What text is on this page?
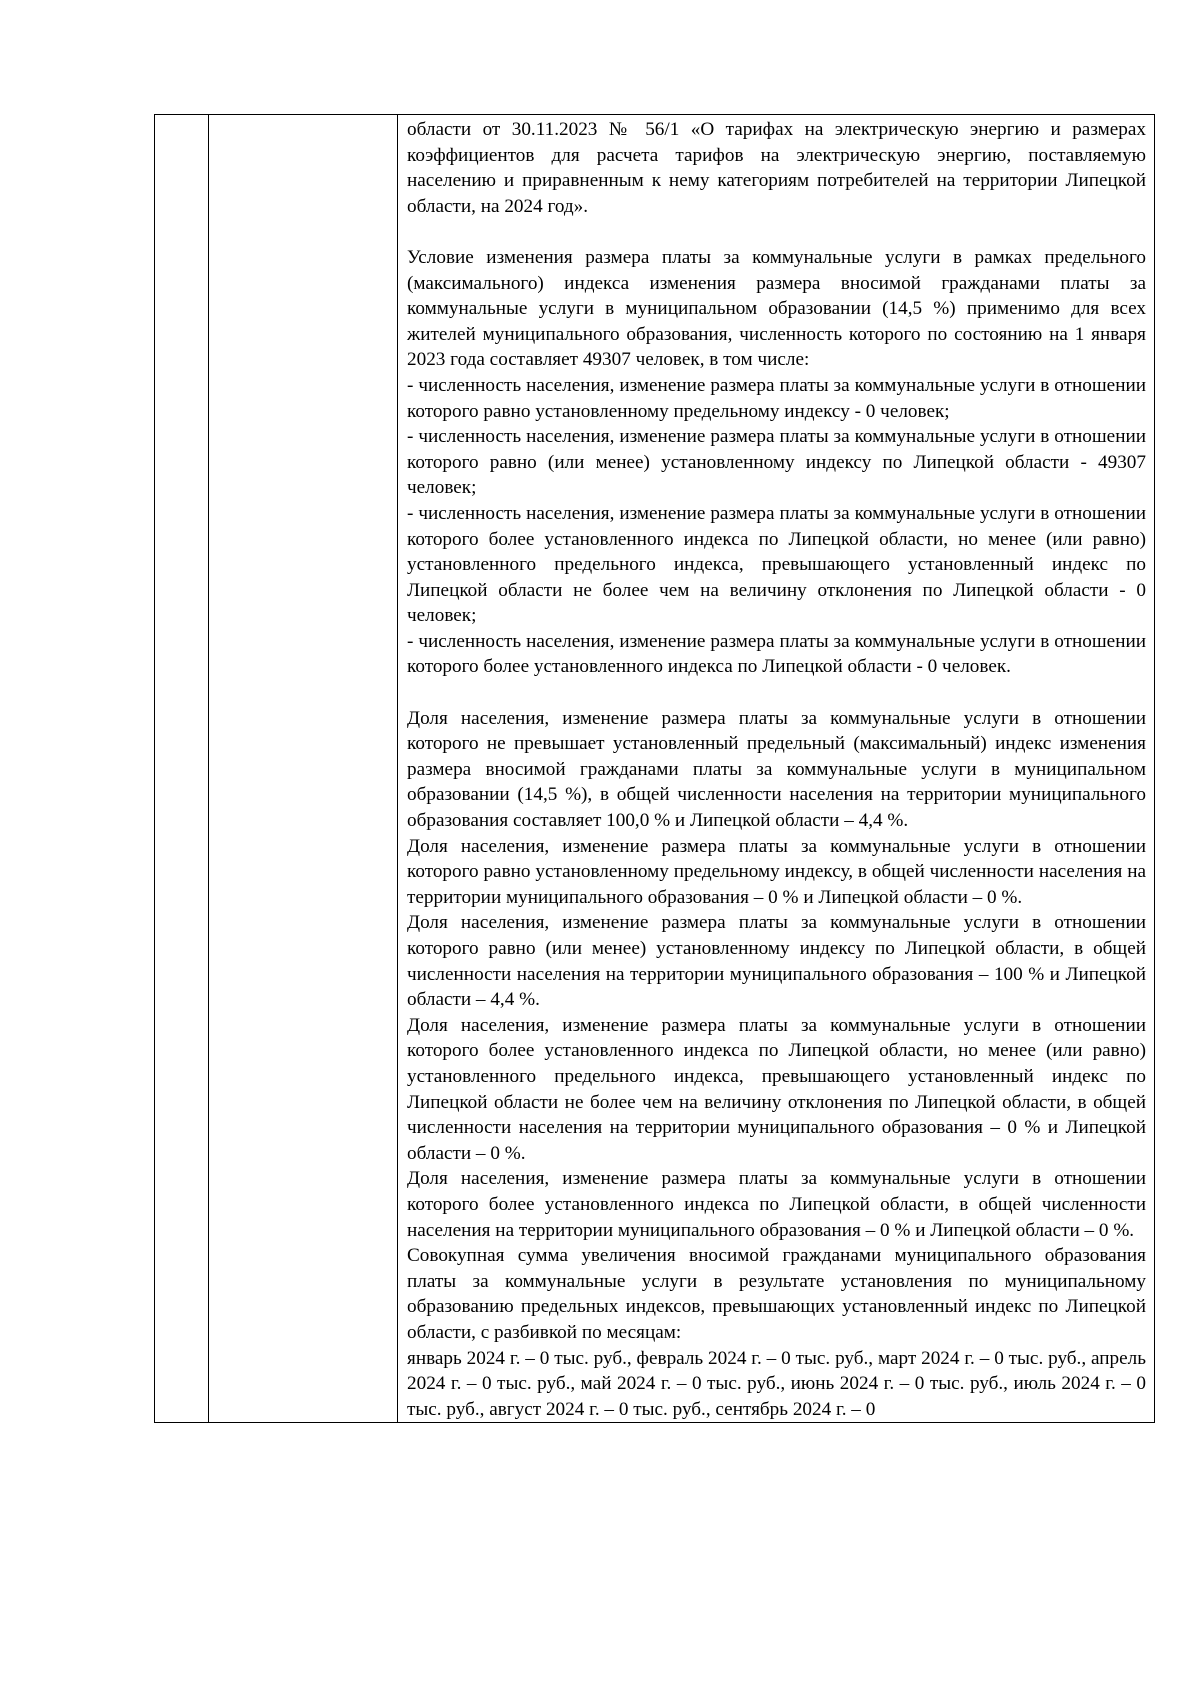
области от 30.11.2023 № 56/1 «О тарифах на электрическую энергию и размерах коэффициентов для расчета тарифов на электрическую энергию, поставляемую населению и приравненным к нему категориям потребителей на территории Липецкой области, на 2024 год».

Условие изменения размера платы за коммунальные услуги в рамках предельного (максимального) индекса изменения размера вносимой гражданами платы за коммунальные услуги в муниципальном образовании (14,5 %) применимо для всех жителей муниципального образования, численность которого по состоянию на 1 января 2023 года составляет 49307 человек, в том числе:

- численность населения, изменение размера платы за коммунальные услуги в отношении которого равно установленному предельному индексу - 0 человек;

- численность населения, изменение размера платы за коммунальные услуги в отношении которого равно (или менее) установленному индексу по Липецкой области - 49307 человек;

- численность населения, изменение размера платы за коммунальные услуги в отношении которого более установленного индекса по Липецкой области, но менее (или равно) установленного предельного индекса, превышающего установленный индекс по Липецкой области не более чем на величину отклонения по Липецкой области - 0 человек;

- численность населения, изменение размера платы за коммунальные услуги в отношении которого более установленного индекса по Липецкой области - 0 человек.

Доля населения, изменение размера платы за коммунальные услуги в отношении которого не превышает установленный предельный (максимальный) индекс изменения размера вносимой гражданами платы за коммунальные услуги в муниципальном образовании (14,5 %), в общей численности населения на территории муниципального образования составляет 100,0 % и Липецкой области – 4,4 %.

Доля населения, изменение размера платы за коммунальные услуги в отношении которого равно установленному предельному индексу, в общей численности населения на территории муниципального образования – 0 % и Липецкой области – 0 %.

Доля населения, изменение размера платы за коммунальные услуги в отношении которого равно (или менее) установленному индексу по Липецкой области, в общей численности населения на территории муниципального образования – 100 % и Липецкой области – 4,4 %.

Доля населения, изменение размера платы за коммунальные услуги в отношении которого более установленного индекса по Липецкой области, но менее (или равно) установленного предельного индекса, превышающего установленный индекс по Липецкой области не более чем на величину отклонения по Липецкой области, в общей численности населения на территории муниципального образования – 0 % и Липецкой области – 0 %.

Доля населения, изменение размера платы за коммунальные услуги в отношении которого более установленного индекса по Липецкой области, в общей численности населения на территории муниципального образования – 0 % и Липецкой области – 0 %.

Совокупная сумма увеличения вносимой гражданами муниципального образования платы за коммунальные услуги в результате установления по муниципальному образованию предельных индексов, превышающих установленный индекс по Липецкой области, с разбивкой по месяцам:

январь 2024 г. – 0 тыс. руб., февраль 2024 г. – 0 тыс. руб., март 2024 г. – 0 тыс. руб., апрель 2024 г. – 0 тыс. руб., май 2024 г. – 0 тыс. руб., июнь 2024 г. – 0 тыс. руб., июль 2024 г. – 0 тыс. руб., август 2024 г. – 0 тыс. руб., сентябрь 2024 г. – 0
